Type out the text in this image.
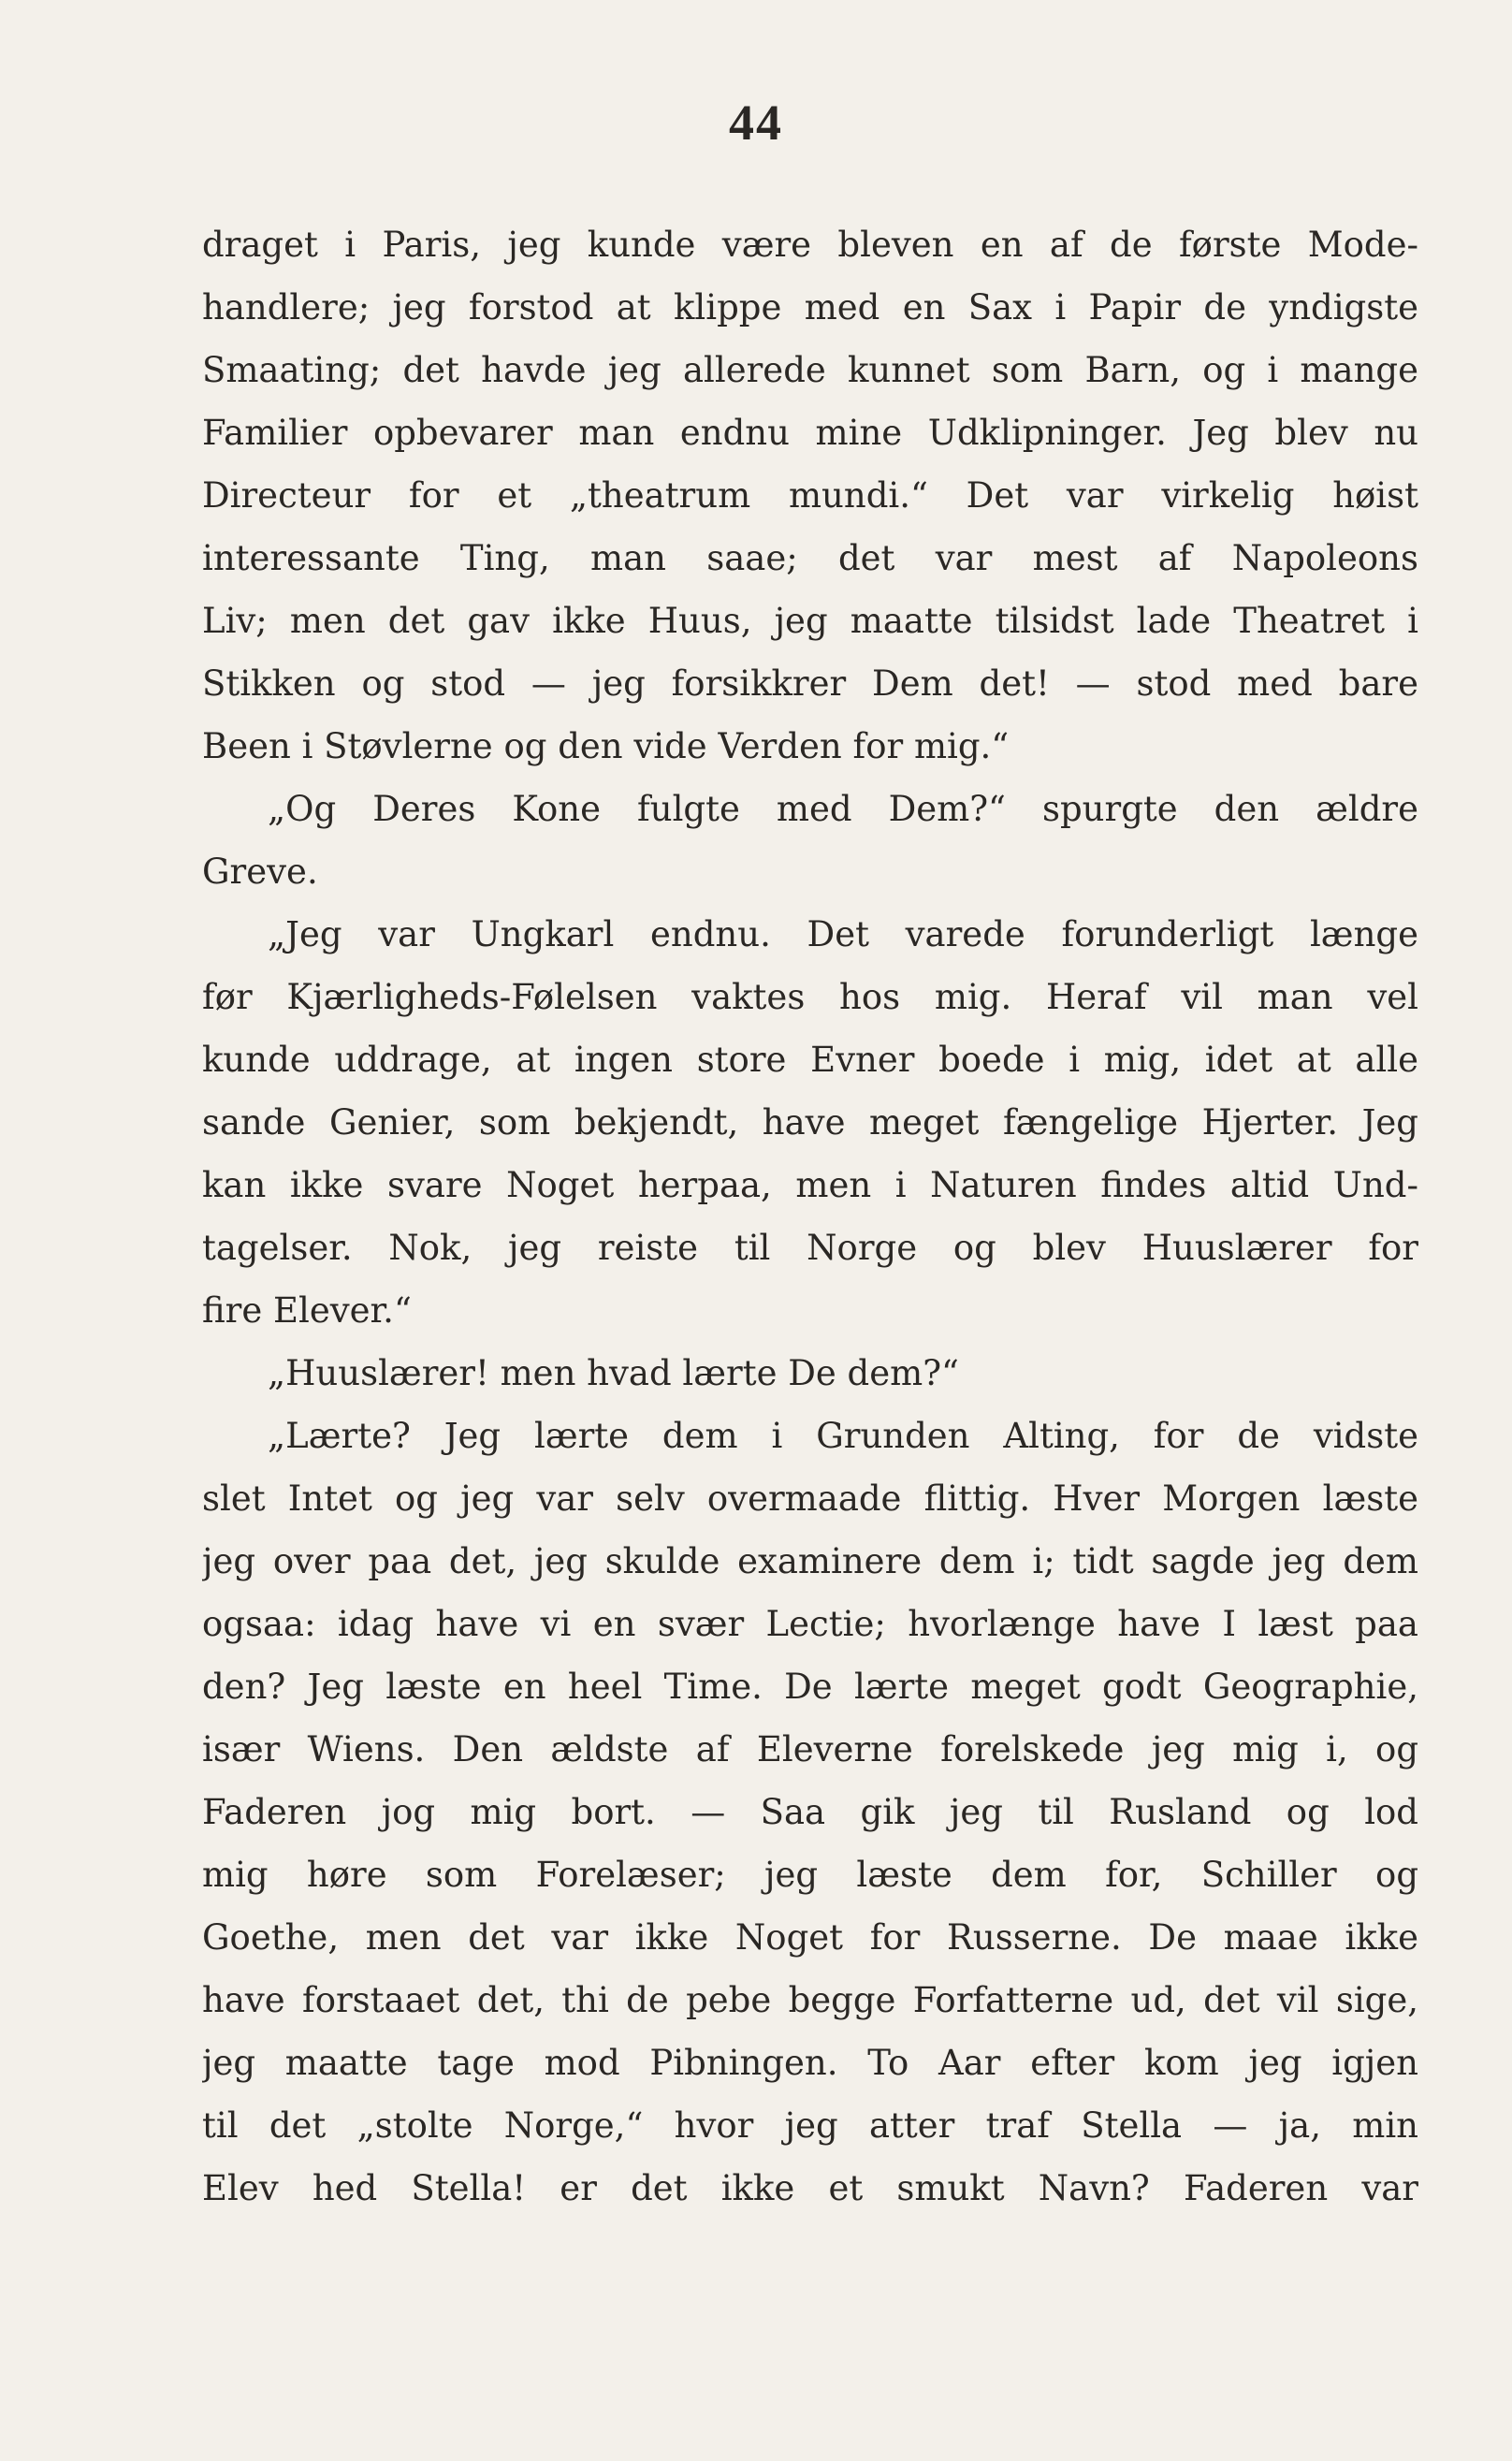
44
draget i Paris, jeg kunde være bleven en af de første Mode-
handlere; jeg forstod at klippe med en Sax i Papir de yndigste
Smaating; det havde jeg allerede kunnet som Barn, og i mange
Familier opbevarer man endnu mine Udklipninger. Jeg blev nu
Directeur for et „theatrum mundi.“ Det var virkelig høist
interessante Ting, man saae; det var mest af Napoleons
Liv; men det gav ikke Huus, jeg maatte tilsidst lade Theatret i
Stikken og stod — jeg forsikkrer Dem det! — stod med bare
Been i Støvlerne og den vide Verden for mig.“
„Og Deres Kone fulgte med Dem?“ spurgte den ældre
Greve.
„Jeg var Ungkarl endnu. Det varede forunderligt længe
før Kjærligheds-Følelsen vaktes hos mig. Heraf vil man vel
kunde uddrage, at ingen store Evner boede i mig, idet at alle
sande Genier, som bekjendt, have meget fængelige Hjerter. Jeg
kan ikke svare Noget herpaa, men i Naturen findes altid Und-
tagelser. Nok, jeg reiste til Norge og blev Huuslærer for
fire Elever.“
„Huuslærer! men hvad lærte De dem?“
„Lærte? Jeg lærte dem i Grunden Alting, for de vidste
slet Intet og jeg var selv overmaade flittig. Hver Morgen læste
jeg over paa det, jeg skulde examinere dem i; tidt sagde jeg dem
ogsaa: idag have vi en svær Lectie; hvorlænge have I læst paa
den? Jeg læste en heel Time. De lærte meget godt Geographie,
især Wiens. Den ældste af Eleverne forelskede jeg mig i, og
Faderen jog mig bort. — Saa gik jeg til Rusland og lod
mig høre som Forelæser; jeg læste dem for, Schiller og
Goethe, men det var ikke Noget for Russerne. De maae ikke
have forstaaet det, thi de pebe begge Forfatterne ud, det vil sige,
jeg maatte tage mod Pibningen. To Aar efter kom jeg igjen
til det „stolte Norge,“ hvor jeg atter traf Stella — ja, min
Elev hed Stella! er det ikke et smukt Navn? Faderen var
